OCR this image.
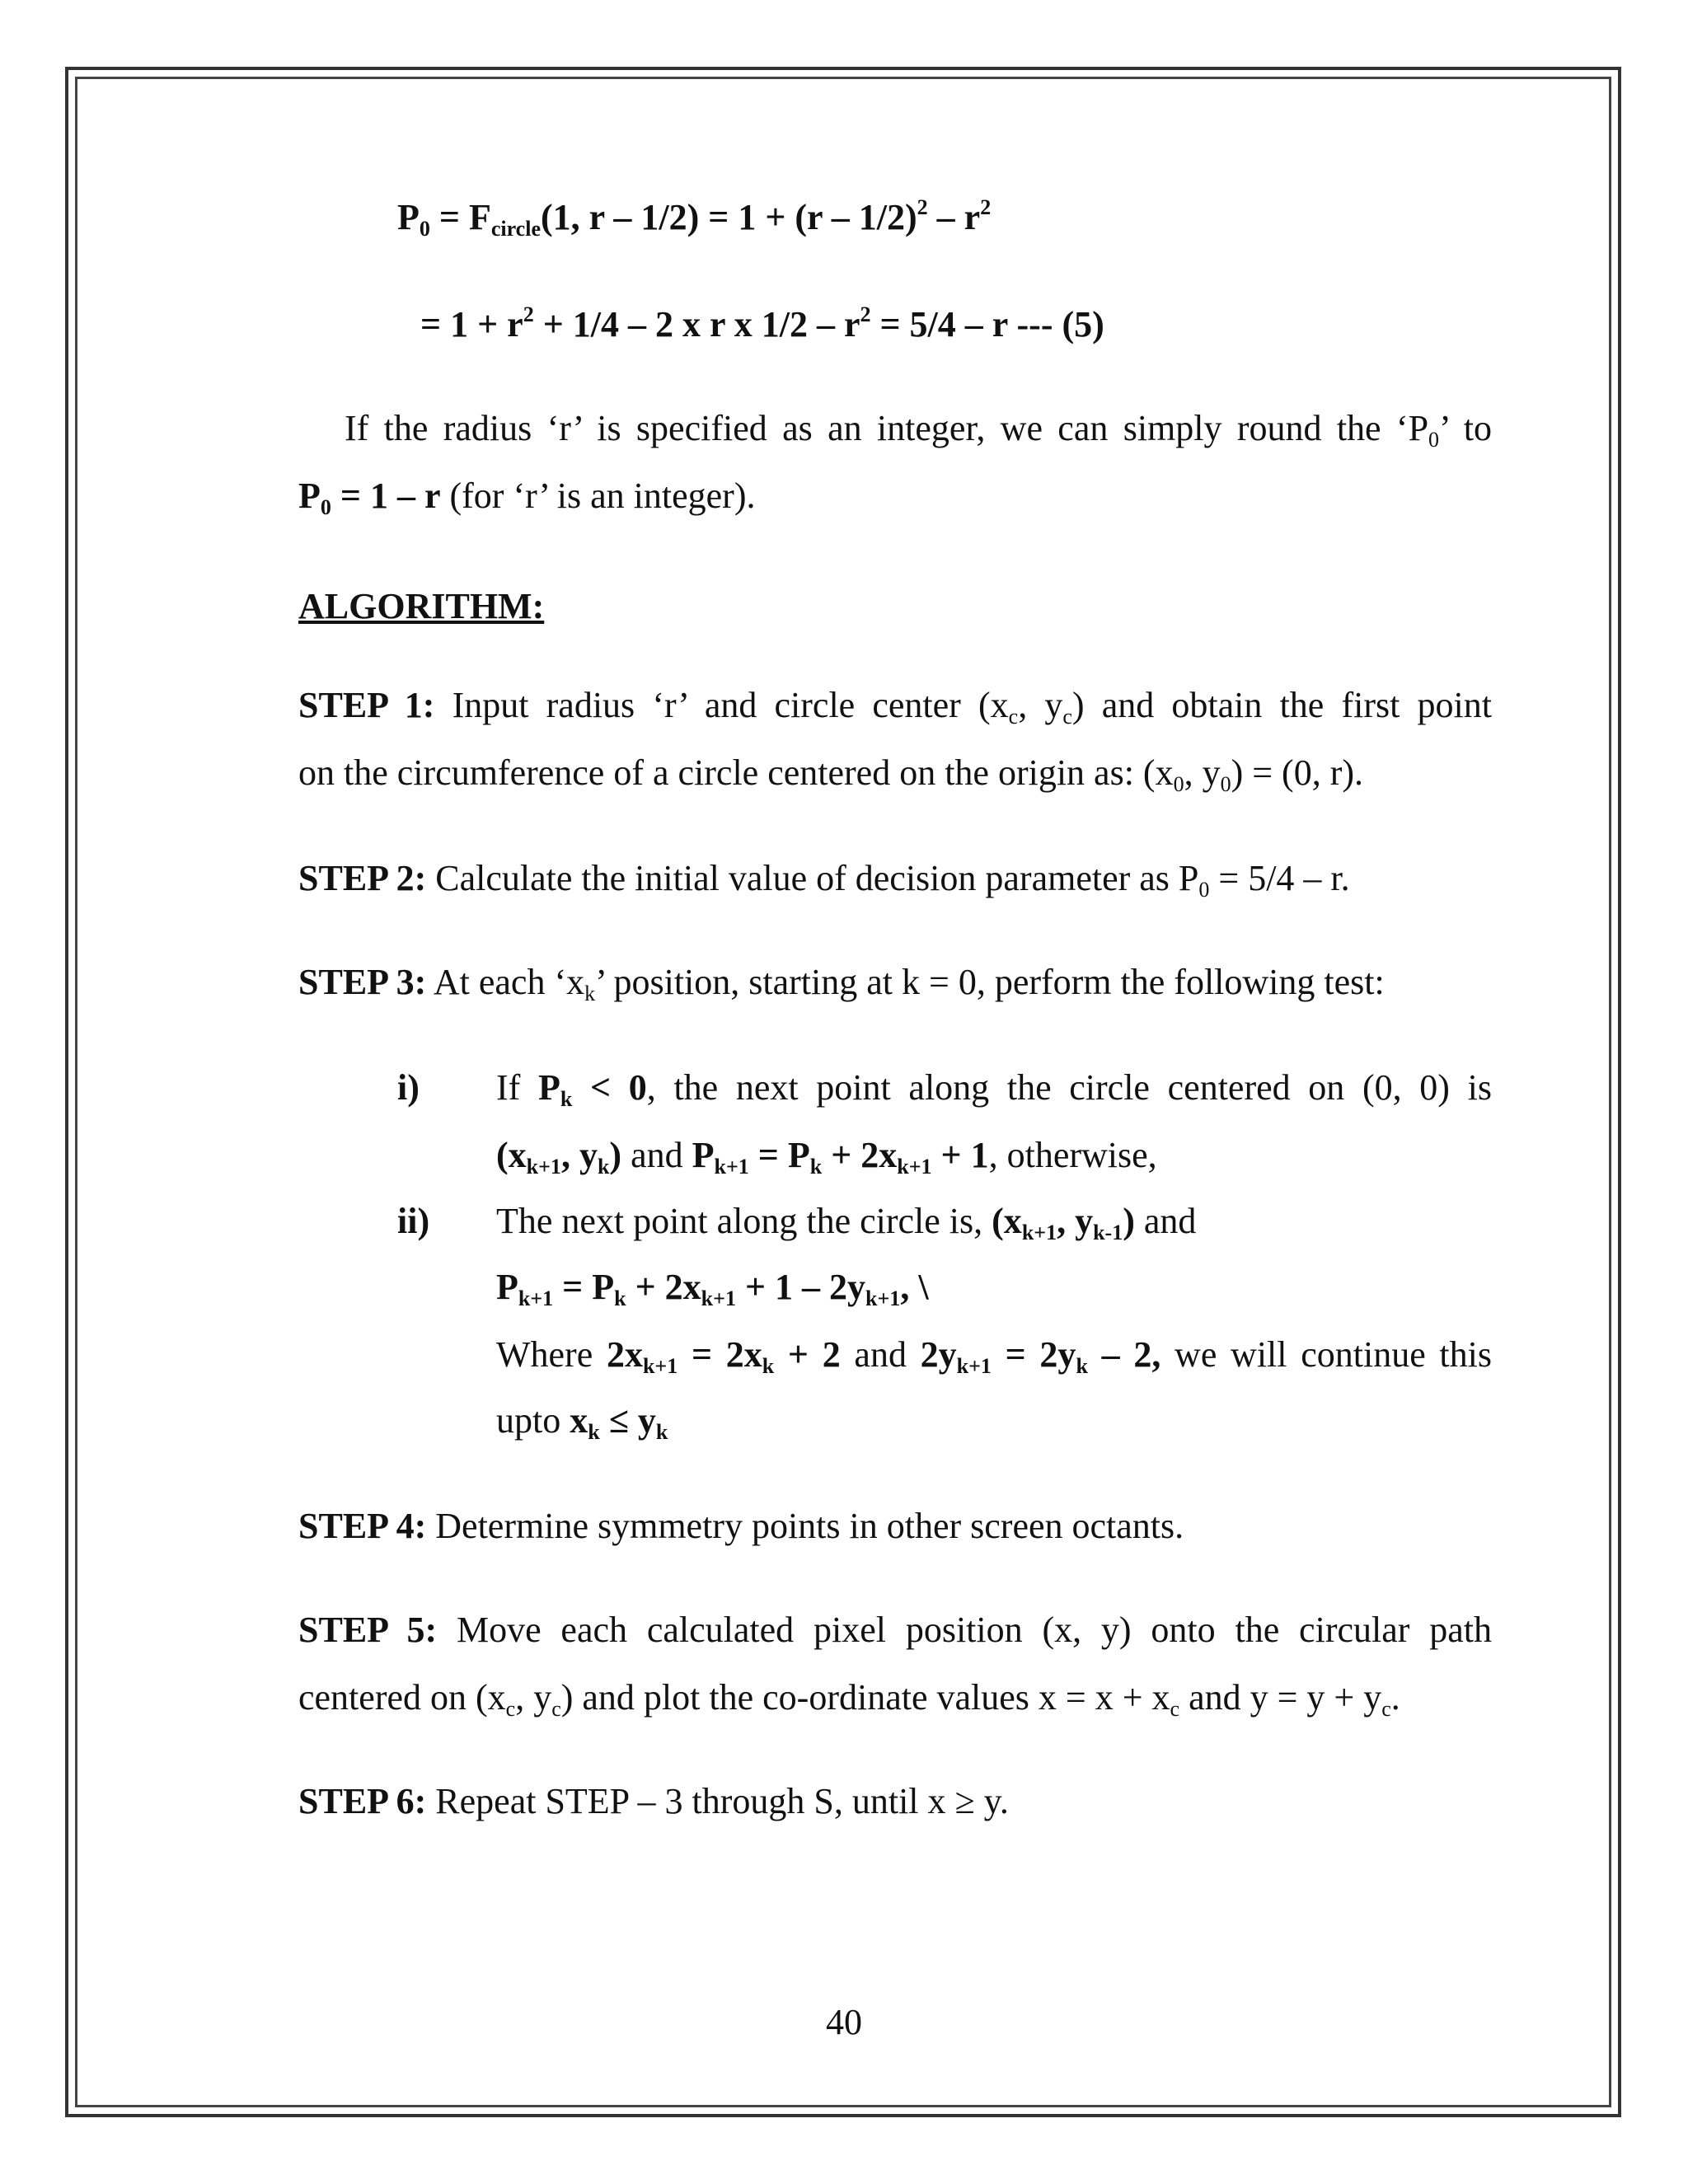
$P_0 = F_{circle}(1$, $r - 1/2) = 1 + (r - 1/2)^2 - r^2$
= $1 + r^2 + 1/4 - 2$ x r x $1/2 - r^2 = 5/4 - r$ --- (5)
If the radius ‘r’ is specified as an integer, we can simply round the ‘$P_0$’ to
$P_0 = 1 - r$ (for ‘r’ is an integer).
ALGORITHM:
STEP 1: Input radius ‘r’ and circle center ($x_c$, $y_c$) and obtain the first point
on the circumference of a circle centered on the origin as: ($x_0$, $y_0) = (0$, r).
STEP 2: Calculate the initial value of decision parameter as $P_0 = 5/4 - r$.
STEP 3: At each ‘$x_k$’ position, starting at k = 0, perform the following test:
i) If $P_k < 0$, the next point along the circle centered on (0, 0) is
($x_{k+1}$, $y_k$) and $P_{k+1} = P_k + 2x_{k+1} + 1$, otherwise,
ii) The next point along the circle is, ($x_{k+1}$, $y_{k-1}$) and
$P_{k+1} = P_k + 2x_{k+1} + 1 - 2y_{k+1}$, \
Where $2x_{k+1} = 2x_k + 2$ and $2y_{k+1} = 2y_k - 2$, we will continue this
upto $x_k \le y_k$
STEP 4: Determine symmetry points in other screen octants.
STEP 5: Move each calculated pixel position (x, y) onto the circular path
centered on ($x_c$, $y_c$) and plot the co-ordinate values $x = x + x_c$ and $y = y + y_c$.
STEP 6: Repeat STEP – 3 through S, until x ≥ y.
40
